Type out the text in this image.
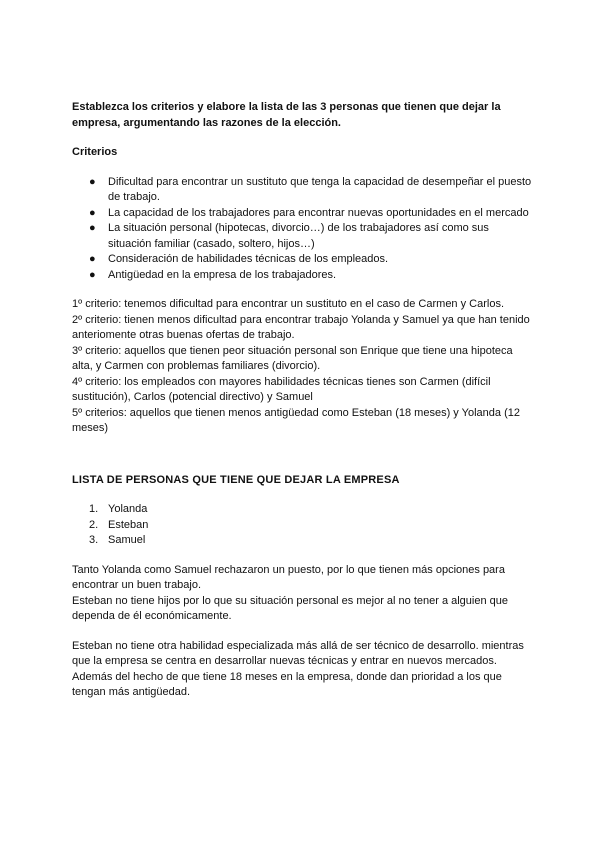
Establezca los criterios y elabore la lista de las 3 personas que tienen que dejar la empresa, argumentando las razones de la elección.

Criterios

● Dificultad para encontrar un sustituto que tenga la capacidad de desempeñar el puesto de trabajo.
● La capacidad de los trabajadores para encontrar nuevas oportunidades en el mercado
● La situación personal (hipotecas, divorcio…) de los trabajadores así como sus situación familiar (casado, soltero, hijos…)
● Consideración de habilidades técnicas de los empleados.
● Antigüedad en la empresa de los trabajadores.

1º criterio: tenemos dificultad para encontrar un sustituto en el caso de Carmen y Carlos.

2º criterio: tienen menos dificultad para encontrar trabajo Yolanda y Samuel ya que han tenido anteriomente otras buenas ofertas de trabajo.

3º criterio: aquellos que tienen peor situación personal son Enrique que tiene una hipoteca alta, y Carmen con problemas familiares (divorcio).

4º criterio: los empleados con mayores habilidades técnicas tienes son Carmen (difícil sustitución), Carlos (potencial directivo) y Samuel

5º criterios: aquellos que tienen menos antigüedad como Esteban (18 meses) y Yolanda (12 meses)

LISTA DE PERSONAS QUE TIENE QUE DEJAR LA EMPRESA

1. Yolanda
2. Esteban
3. Samuel

Tanto Yolanda como Samuel rechazaron un puesto, por lo que tienen más opciones para encontrar un buen trabajo.

Esteban no tiene hijos por lo que su situación personal es mejor al no tener a alguien que dependa de él económicamente.

Esteban no tiene otra habilidad especializada más allá de ser técnico de desarrollo. mientras que la empresa se centra en desarrollar nuevas técnicas y entrar en nuevos mercados. Además del hecho de que tiene 18 meses en la empresa, donde dan prioridad a los que tengan más antigüedad.
